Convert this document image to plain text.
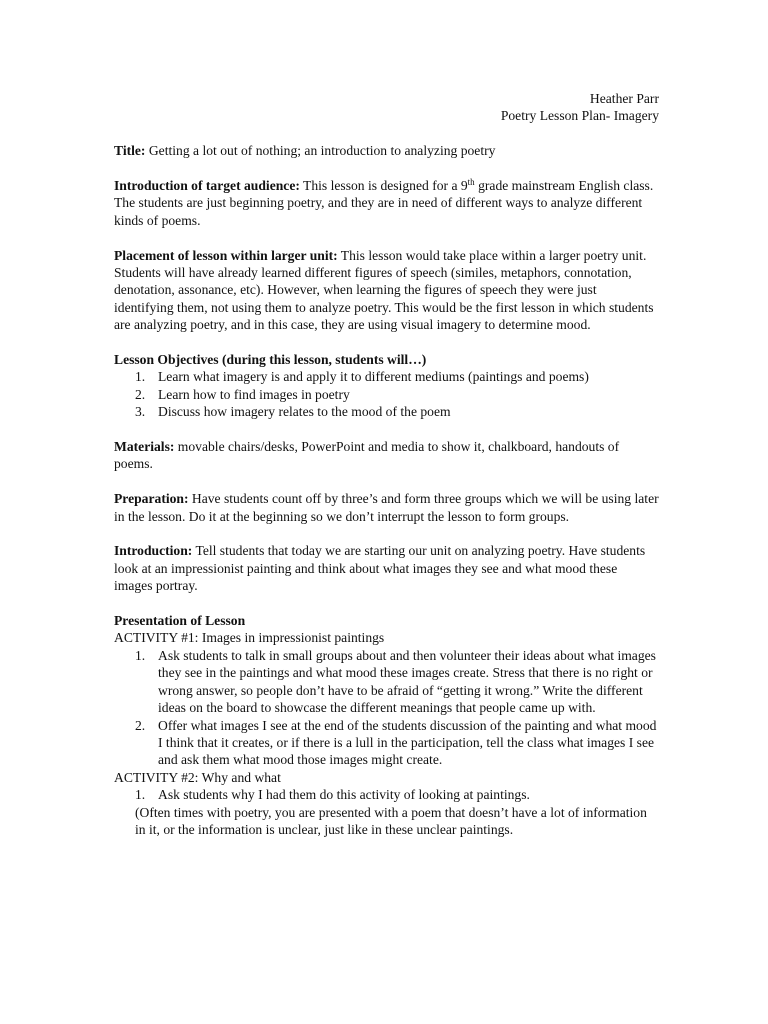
Heather Parr
Poetry Lesson Plan- Imagery

Title: Getting a lot out of nothing; an introduction to analyzing poetry

Introduction of target audience: This lesson is designed for a 9th grade mainstream English class. The students are just beginning poetry, and they are in need of different ways to analyze different kinds of poems.

Placement of lesson within larger unit: This lesson would take place within a larger poetry unit. Students will have already learned different figures of speech (similes, metaphors, connotation, denotation, assonance, etc). However, when learning the figures of speech they were just identifying them, not using them to analyze poetry. This would be the first lesson in which students are analyzing poetry, and in this case, they are using visual imagery to determine mood.

Lesson Objectives (during this lesson, students will…)

1. Learn what imagery is and apply it to different mediums (paintings and poems)
2. Learn how to find images in poetry
3. Discuss how imagery relates to the mood of the poem

Materials: movable chairs/desks, PowerPoint and media to show it, chalkboard, handouts of poems.

Preparation: Have students count off by three’s and form three groups which we will be using later in the lesson. Do it at the beginning so we don’t interrupt the lesson to form groups.

Introduction: Tell students that today we are starting our unit on analyzing poetry. Have students look at an impressionist painting and think about what images they see and what mood these images portray.

Presentation of Lesson

ACTIVITY #1: Images in impressionist paintings

1. Ask students to talk in small groups about and then volunteer their ideas about what images they see in the paintings and what mood these images create. Stress that there is no right or wrong answer, so people don’t have to be afraid of “getting it wrong.” Write the different ideas on the board to showcase the different meanings that people came up with.
2. Offer what images I see at the end of the students discussion of the painting and what mood I think that it creates, or if there is a lull in the participation, tell the class what images I see and ask them what mood those images might create.

ACTIVITY #2: Why and what

1. Ask students why I had them do this activity of looking at paintings.

(Often times with poetry, you are presented with a poem that doesn’t have a lot of information in it, or the information is unclear, just like in these unclear paintings.
